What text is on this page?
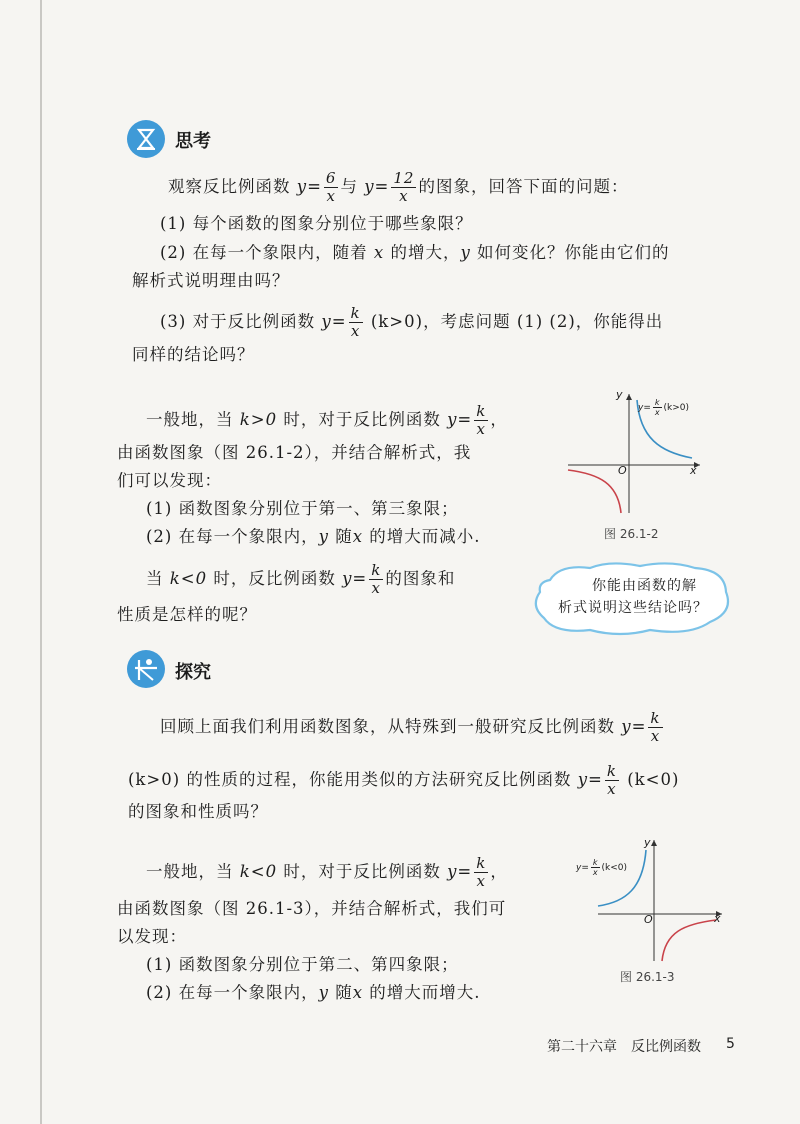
思考
观察反比例函数 $y= \frac{6}{x}$ 与 $y= \frac{12}{x}$ 的图象，回答下面的问题：
(1) 每个函数的图象分别位于哪些象限？
(2) 在每一个象限内，随着 x 的增大，y 如何变化？你能由它们的
解析式说明理由吗？
(3) 对于反比例函数 $y= \frac{k}{x} (k>0)$，考虑问题 (1) (2)，你能得出
同样的结论吗？
一般地，当 k>0 时，对于反比例函数 $y= \frac{k}{x}$ ，
由函数图象（图 26.1-2），并结合解析式，我
们可以发现：
(1) 函数图象分别位于第一、第三象限；
(2) 在每一个象限内，y 随x 的增大而减小.
当 k<0 时，反比例函数 $y= \frac{k}{x}$ 的图象和
性质是怎样的呢？
y
x
O
$y= \frac{k}{x} (k>0)$
图 26.1-2
你能由函数的解
析式说明这些结论吗？
探究
回顾上面我们利用函数图象，从特殊到一般研究反比例函数 $y= \frac{k}{x}$
(k>0) 的性质的过程，你能用类似的方法研究反比例函数 $y= \frac{k}{x} (k<0)$
的图象和性质吗？
一般地，当 k<0 时，对于反比例函数 $y= \frac{k}{x}$ ，
由函数图象（图 26.1-3），并结合解析式，我们可
以发现：
(1) 函数图象分别位于第二、第四象限；
(2) 在每一个象限内，y 随x 的增大而增大.
y
x
O
$y= \frac{k}{x} (k<0)$
图 26.1-3
第二十六章　反比例函数 5
